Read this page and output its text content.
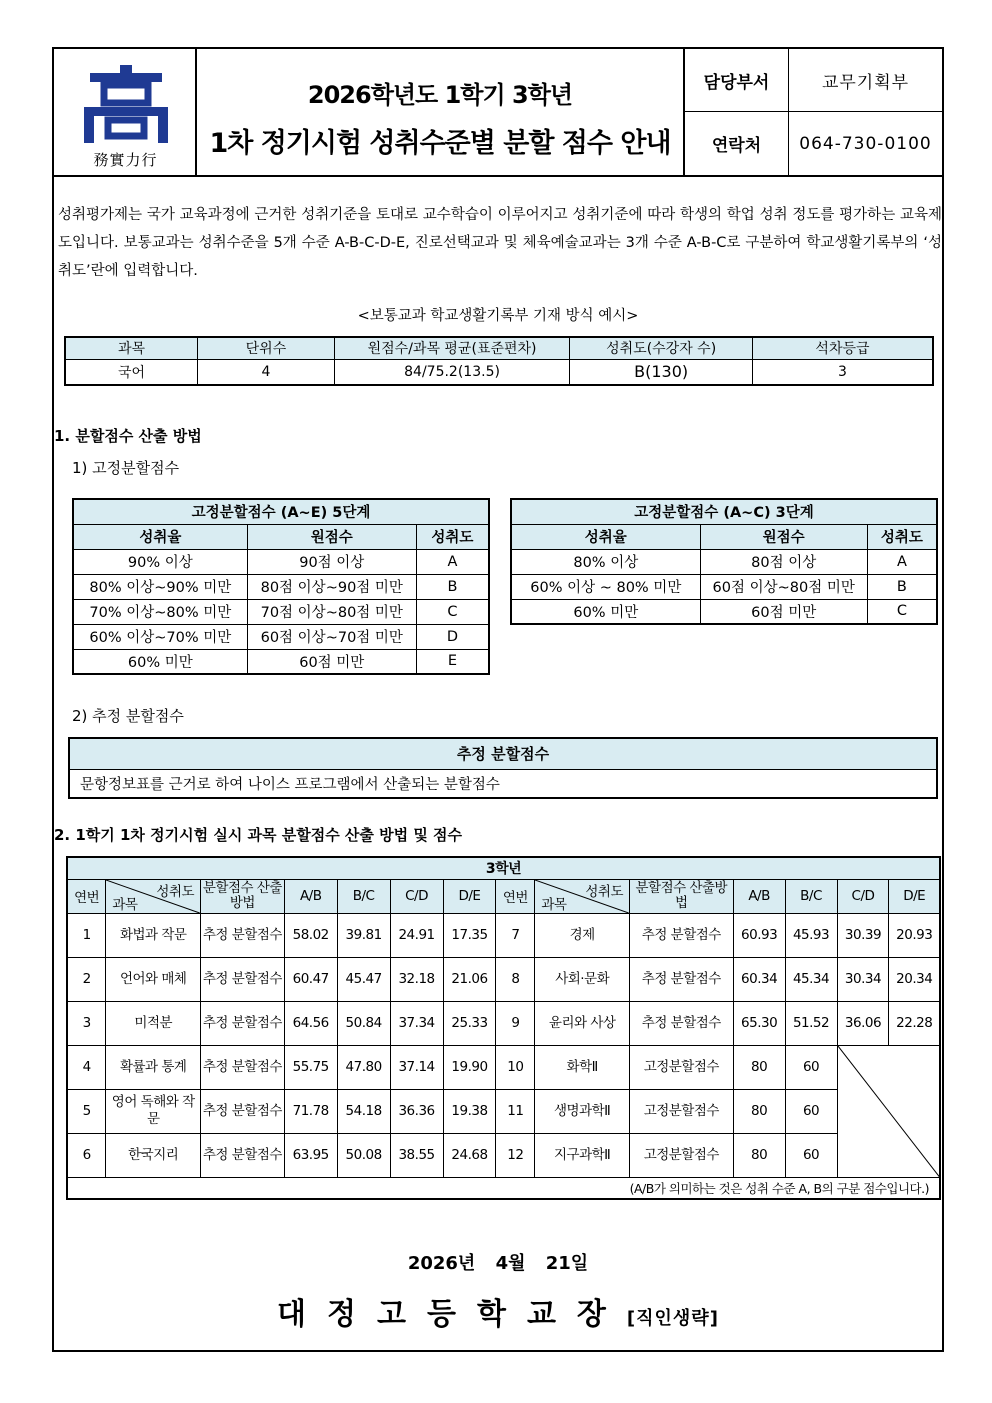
務實力行
2026학년도 1학기 3학년
1차 정기시험 성취수준별 분할 점수 안내
담당부서	교무기획부
연락처	064-730-0100
성취평가제는 국가 교육과정에 근거한 성취기준을 토대로 교수학습이 이루어지고 성취기준에 따라 학생의 학업 성취 정도를 평가하는 교육제도입니다. 보통교과는 성취수준을 5개 수준 A-B-C-D-E, 진로선택교과 및 체육예술교과는 3개 수준 A-B-C로 구분하여 학교생활기록부의 ‘성취도’란에 입력합니다.
<보통교과 학교생활기록부 기재 방식 예시>
과목	단위수	원점수/과목 평균(표준편차)	성취도(수강자 수)	석차등급
국어	4	84/75.2(13.5)	B(130)	3
1. 분할점수 산출 방법
1) 고정분할점수
고정분할점수 (A~E) 5단계		
성취율	원점수	성취도
90% 이상	90점 이상	A
80% 이상~90% 미만	80점 이상~90점 미만	B
70% 이상~80% 미만	70점 이상~80점 미만	C
60% 이상~70% 미만	60점 이상~70점 미만	D
60% 미만	60점 미만	E
고정분할점수 (A~C) 3단계		
성취율	원점수	성취도
80% 이상	80점 이상	A
60% 이상 ~ 80% 미만	60점 이상~80점 미만	B
60% 미만	60점 미만	C
2) 추정 분할점수
추정 분할점수
문항정보표를 근거로 하여 나이스 프로그램에서 산출되는 분할점수
2. 1학기 1차 정기시험 실시 과목 분할점수 산출 방법 및 점수
3학년													
연번	성취도
과목	분할점수 산출방법	A/B	B/C	C/D	D/E	연번	성취도
과목	분할점수 산출방법	A/B	B/C	C/D	D/E
1	화법과 작문	추정 분할점수	58.02	39.81	24.91	17.35	7	경제	추정 분할점수	60.93	45.93	30.39	20.93
2	언어와 매체	추정 분할점수	60.47	45.47	32.18	21.06	8	사회·문화	추정 분할점수	60.34	45.34	30.34	20.34
3	미적분	추정 분할점수	64.56	50.84	37.34	25.33	9	윤리와 사상	추정 분할점수	65.30	51.52	36.06	22.28
4	확률과 통계	추정 분할점수	55.75	47.80	37.14	19.90	10	화학Ⅱ	고정분할점수	80	60	

5	영어 독해와 작문	추정 분할점수	71.78	54.18	36.36	19.38	11	생명과학Ⅱ	고정분할점수	80	60		
6	한국지리	추정 분할점수	63.95	50.08	38.55	24.68	12	지구과학Ⅱ	고정분할점수	80	60		
(A/B가 의미하는 것은 성취 수준 A, B의 구분 점수입니다.)													
2026년 4월 21일
대정고등학교장[직인생략]
